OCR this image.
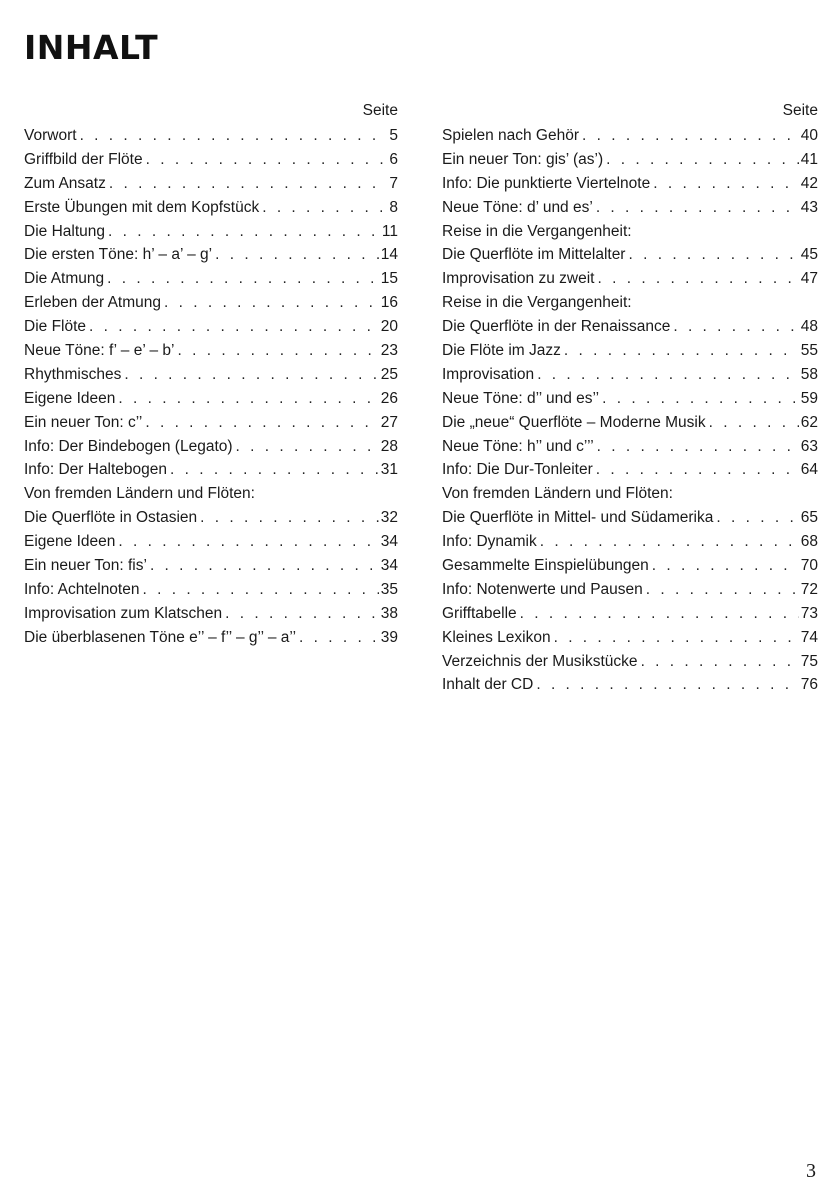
INHALT
Seite
Vorwort . . .	5
Griffbild der Flöte . . .	6
Zum Ansatz . . .	7
Erste Übungen mit dem Kopfstück . . .	8
Die Haltung . . .	11
Die ersten Töne: h’ – a’ – g’ . . .	14
Die Atmung . . .	15
Erleben der Atmung . . .	16
Die Flöte . . .	20
Neue Töne: f’ – e’ – b’ . . .	23
Rhythmisches . . .	25
Eigene Ideen . . .	26
Ein neuer Ton: c’’ . . .	27
Info: Der Bindebogen (Legato) . . .	28
Info: Der Haltebogen . . .	31
Von fremden Ländern und Flöten:
Die Querflöte in Ostasien . . .	32
Eigene Ideen . . .	34
Ein neuer Ton: fis’ . . .	34
Info: Achtelnoten . . .	35
Improvisation zum Klatschen . . .	38
Die überblasenen Töne e’’ – f’’ – g’’ – a’’ . . .	39
Seite
Spielen nach Gehör . . .	40
Ein neuer Ton: gis’ (as’) . . .	41
Info: Die punktierte Viertelnote . . .	42
Neue Töne: d’ und es’ . . .	43
Reise in die Vergangenheit:
Die Querflöte im Mittelalter . . .	45
Improvisation zu zweit . . .	47
Reise in die Vergangenheit:
Die Querflöte in der Renaissance . . .	48
Die Flöte im Jazz . . .	55
Improvisation . . .	58
Neue Töne: d’’ und es’’ . . .	59
Die „neue“ Querflöte – Moderne Musik . . .	62
Neue Töne: h’’ und c’’’ . . .	63
Info: Die Dur-Tonleiter . . .	64
Von fremden Ländern und Flöten:
Die Querflöte in Mittel- und Südamerika . . .	65
Info: Dynamik . . .	68
Gesammelte Einspielübungen . . .	70
Info: Notenwerte und Pausen . . .	72
Grifftabelle . . .	73
Kleines Lexikon . . .	74
Verzeichnis der Musikstücke . . .	75
Inhalt der CD . . .	76
3
